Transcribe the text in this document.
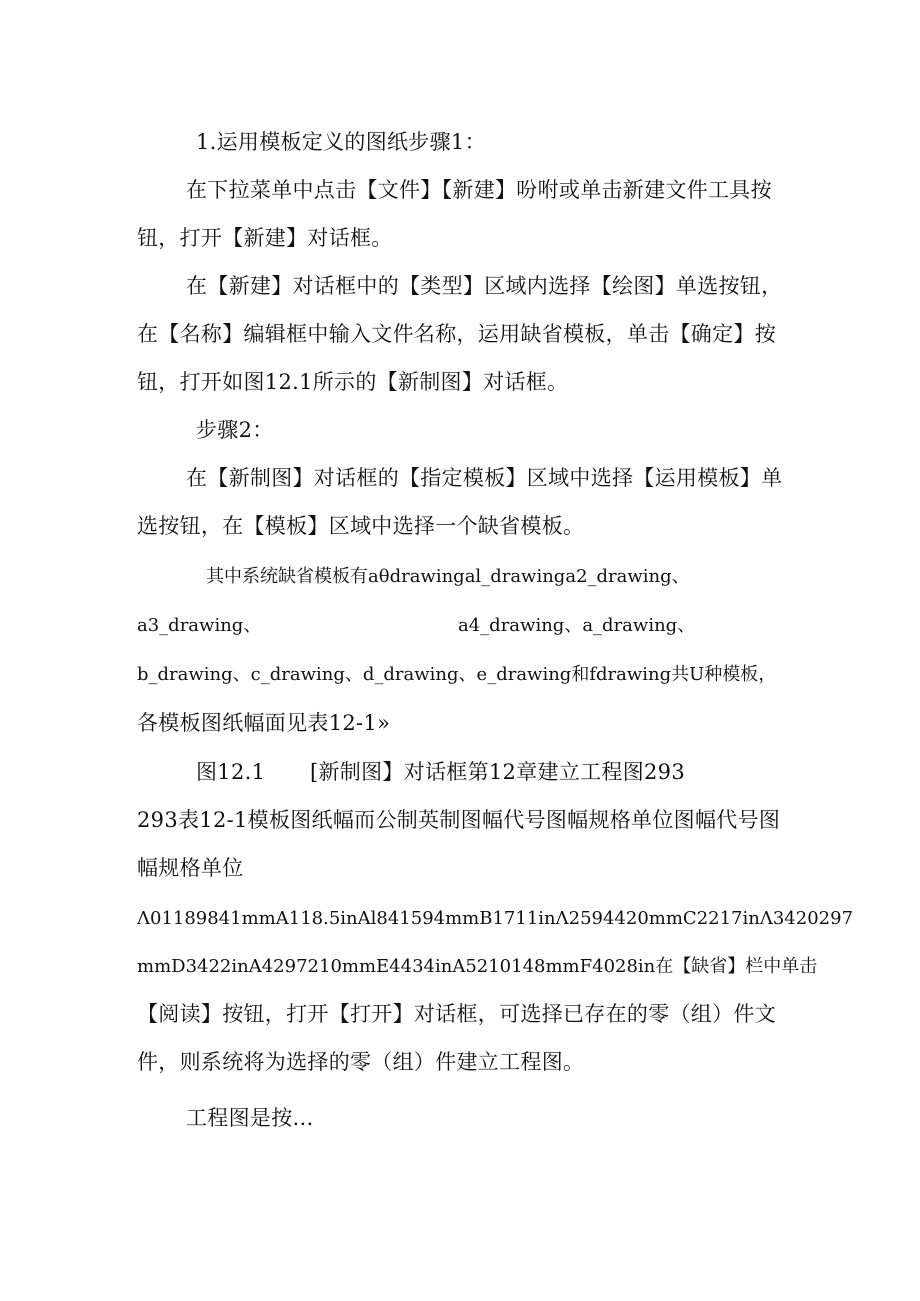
1.运用模板定义的图纸步骤1：
在下拉菜单中点击【文件】【新建】吩咐或单击新建文件工具按
钮，打开【新建】对话框。
在【新建】对话框中的【类型】区域内选择【绘图】单选按钮，
在【名称】编辑框中输入文件名称，运用缺省模板，单击【确定】按
钮，打开如图12.1所示的【新制图】对话框。
步骤2：
在【新制图】对话框的【指定模板】区域中选择【运用模板】单
选按钮，在【模板】区域中选择一个缺省模板。
其中系统缺省模板有aθdrawingal_drawinga2_drawing、
a3_drawing、	a4_drawing、a_drawing、
b_drawing、c_drawing、d_drawing、e_drawing和fdrawing共U种模板，
各模板图纸幅面见表12-1»
图12.1 [新制图】对话框第12章建立工程图293
293表12-1模板图纸幅而公制英制图幅代号图幅规格单位图幅代号图
幅规格单位
Λ01189841mmA118.5inAl841594mmB1711inΛ2594420mmC2217inΛ3420297
mmD3422inA4297210mmE4434inA5210148mmF4028in在【缺省】栏中单击
【阅读】按钮，打开【打开】对话框，可选择已存在的零（组）件文
件，则系统将为选择的零（组）件建立工程图。
工程图是按...
